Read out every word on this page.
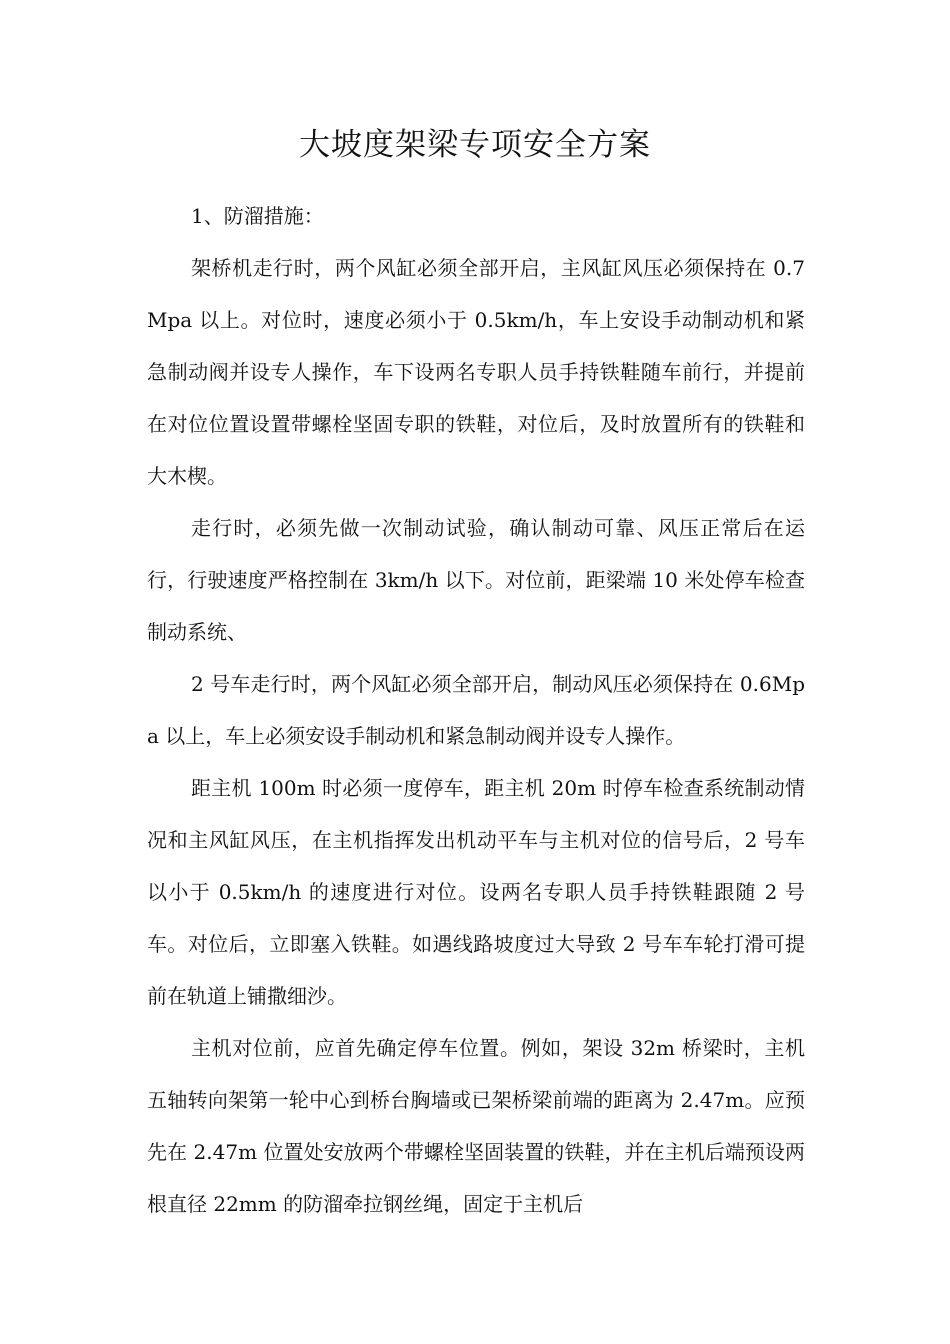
大坡度架梁专项安全方案

1、防溜措施：

架桥机走行时，两个风缸必须全部开启，主风缸风压必须保持在 0.7Mpa 以上。对位时，速度必须小于 0.5km/h，车上安设手动制动机和紧急制动阀并设专人操作，车下设两名专职人员手持铁鞋随车前行，并提前在对位位置设置带螺栓坚固专职的铁鞋，对位后，及时放置所有的铁鞋和大木楔。

走行时，必须先做一次制动试验，确认制动可靠、风压正常后在运行，行驶速度严格控制在 3km/h 以下。对位前，距梁端 10 米处停车检查制动系统、

2 号车走行时，两个风缸必须全部开启，制动风压必须保持在 0.6Mpa 以上，车上必须安设手制动机和紧急制动阀并设专人操作。

距主机 100m 时必须一度停车，距主机 20m 时停车检查系统制动情况和主风缸风压，在主机指挥发出机动平车与主机对位的信号后，2 号车以小于 0.5km/h 的速度进行对位。设两名专职人员手持铁鞋跟随 2 号车。对位后，立即塞入铁鞋。如遇线路坡度过大导致 2 号车车轮打滑可提前在轨道上铺撒细沙。

主机对位前，应首先确定停车位置。例如，架设 32m 桥梁时，主机五轴转向架第一轮中心到桥台胸墙或已架桥梁前端的距离为 2.47m。应预先在 2.47m 位置处安放两个带螺栓坚固装置的铁鞋，并在主机后端预设两根直径 22mm 的防溜牵拉钢丝绳，固定于主机后
